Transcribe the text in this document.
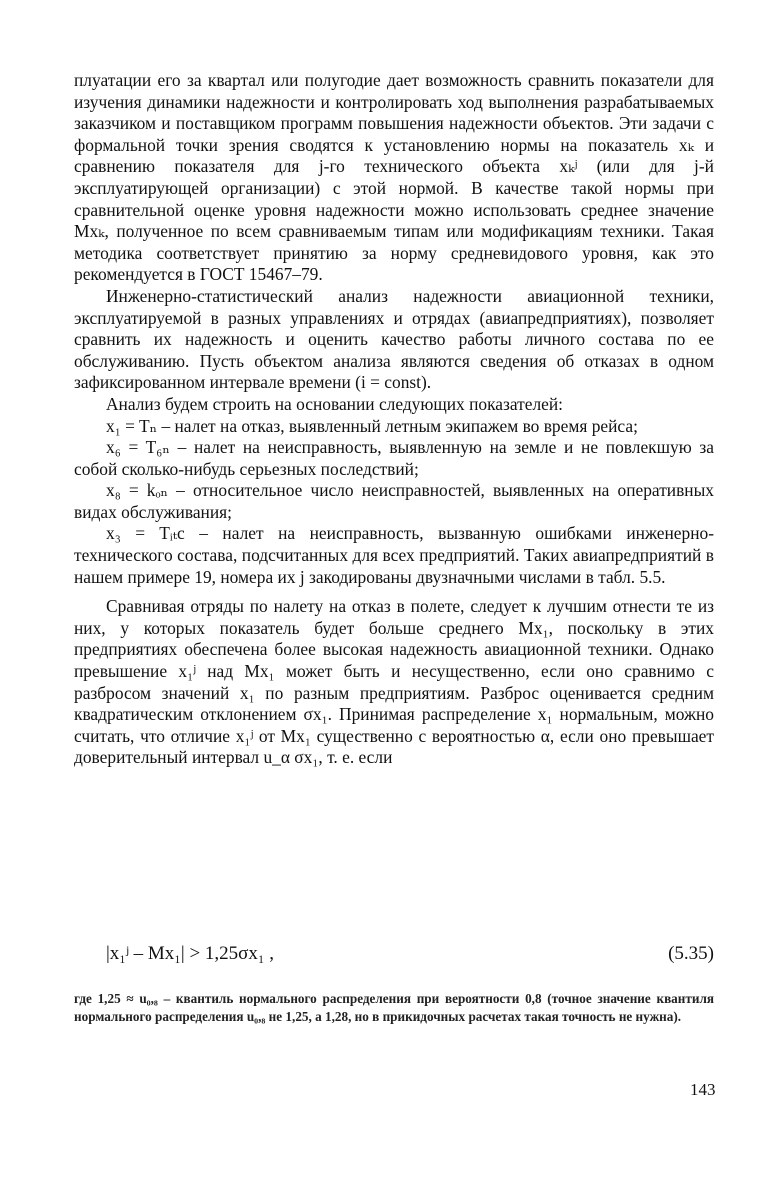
плуатации его за квартал или полугодие дает возможность сравнить показатели для изучения динамики надежности и контролировать ход выполнения разрабатываемых заказчиком и поставщиком программ повышения надежности объектов. Эти задачи с формальной точки зрения сводятся к установлению нормы на показатель xₖ и сравнению показателя для j-го технического объекта xₖʲ (или для j-й эксплуатирующей организации) с этой нормой. В качестве такой нормы при сравнительной оценке уровня надежности можно использовать среднее значение Mxₖ, полученное по всем сравниваемым типам или модификациям техники. Такая методика соответствует принятию за норму средневидового уровня, как это рекомендуется в ГОСТ 15467–79.

Инженерно-статистический анализ надежности авиационной техники, эксплуатируемой в разных управлениях и отрядах (авиапредприятиях), позволяет сравнить их надежность и оценить качество работы личного состава по ее обслуживанию. Пусть объектом анализа являются сведения об отказах в одном зафиксированном интервале времени (i = const).

Анализ будем строить на основании следующих показателей:

x₁ = Tₙ – налет на отказ, выявленный летным экипажем во время рейса;

x₆ = T₆ₙ – налет на неисправность, выявленную на земле и не повлекшую за собой сколько-нибудь серьезных последствий;

x₈ = kₒₙ – относительное число неисправностей, выявленных на оперативных видах обслуживания;

x₃ = Tᵢₜc – налет на неисправность, вызванную ошибками инженерно-технического состава, подсчитанных для всех предприятий. Таких авиапредприятий в нашем примере 19, номера их j закодированы двузначными числами в табл. 5.5.

Сравнивая отряды по налету на отказ в полете, следует к лучшим отнести те из них, у которых показатель будет больше среднего Mx₁, поскольку в этих предприятиях обеспечена более высокая надежность авиационной техники. Однако превышение x₁ʲ над Mx₁ может быть и несущественно, если оно сравнимо с разбросом значений x₁ по разным предприятиям. Разброс оценивается средним квадратическим отклонением σx₁. Принимая распределение x₁ нормальным, можно считать, что отличие x₁ʲ от Mx₁ существенно с вероятностью α, если оно превышает доверительный интервал u_α σx₁, т. е. если

|x₁ʲ – Mx₁| > 1,25σx₁ ,	(5.35)
где 1,25 ≈ u₀,₈ – квантиль нормального распределения при вероятности 0,8 (точное значение квантиля нормального распределения u₀,₈ не 1,25, а 1,28, но в прикидочных расчетах такая точность не нужна).
143
